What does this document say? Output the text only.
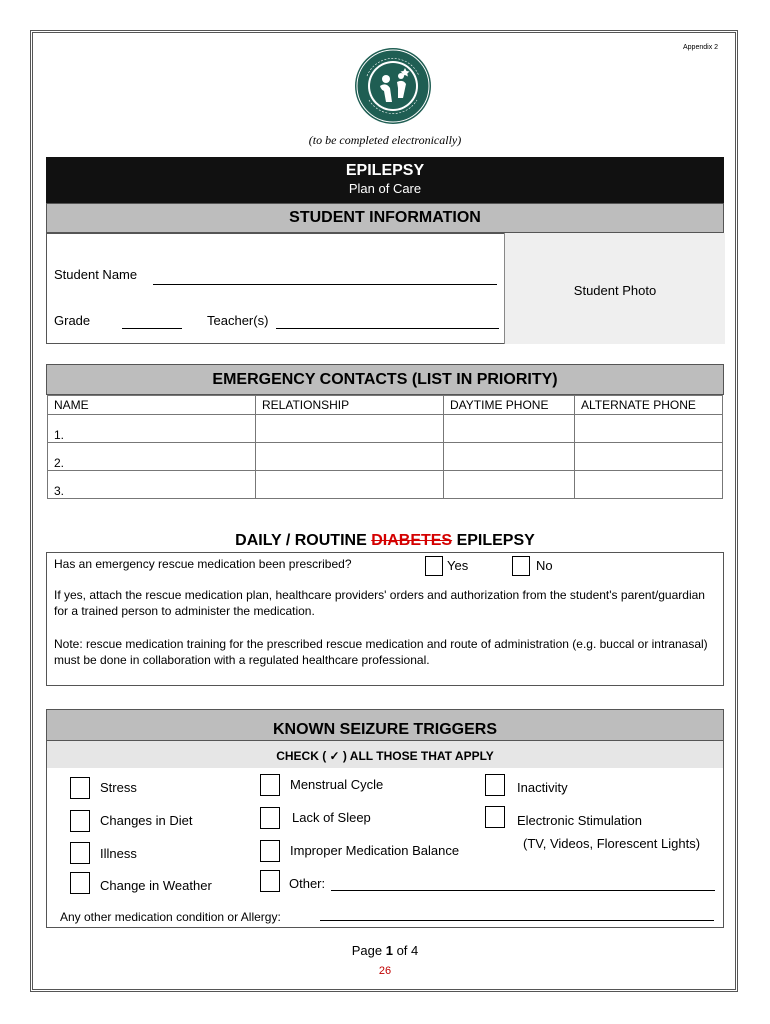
Appendix 2
(to be completed electronically)
EPILEPSY
Plan of Care
STUDENT INFORMATION
Student Name
Grade	Teacher(s)
Student Photo
EMERGENCY CONTACTS (LIST IN PRIORITY)
NAME	RELATIONSHIP	DAYTIME PHONE	ALTERNATE PHONE
1.			
2.			
3.			
DAILY / ROUTINE DIABETES EPILEPSY
Has an emergency rescue medication been prescribed?	Yes	No
If yes, attach the rescue medication plan, healthcare providers' orders and authorization from the student's parent/guardian for a trained person to administer the medication.
Note: rescue medication training for the prescribed rescue medication and route of administration (e.g. buccal or intranasal) must be done in collaboration with a regulated healthcare professional.
KNOWN SEIZURE TRIGGERS
CHECK ( ✓ ) ALL THOSE THAT APPLY
Stress
Changes in Diet
Illness
Change in Weather
Menstrual Cycle
Lack of Sleep
Improper Medication Balance
Other:
Inactivity
Electronic Stimulation
(TV, Videos, Florescent Lights)
Any other medication condition or Allergy:
Page 1 of 4
26
